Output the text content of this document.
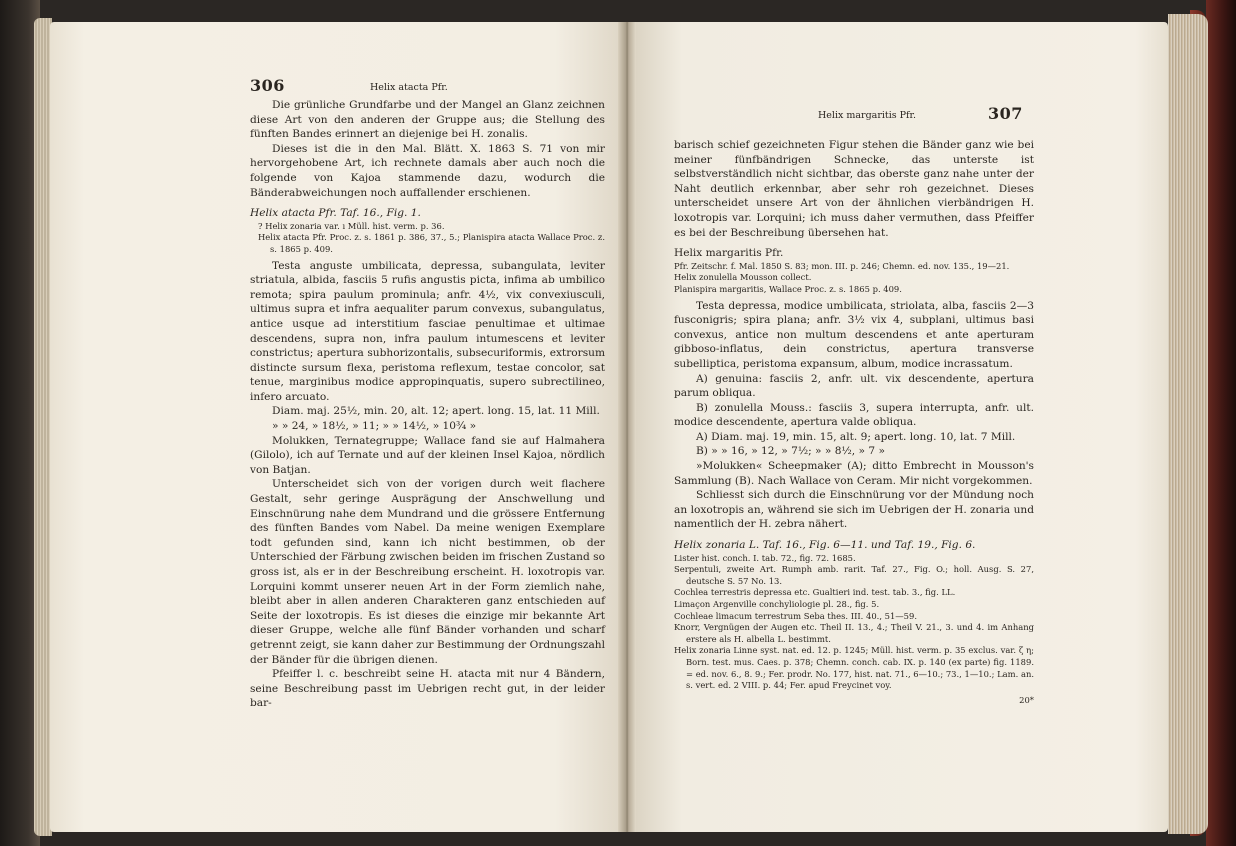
306	Helix atacta Pfr.

Die grünliche Grundfarbe und der Mangel an Glanz zeichnen diese Art von den anderen der Gruppe aus; die Stellung des fünften Bandes erinnert an diejenige bei H. zonalis.

Dieses ist die in den Mal. Blätt. X. 1863 S. 71 von mir hervorgehobene Art, ich rechnete damals aber auch noch die folgende von Kajoa stammende dazu, wodurch die Bänderabweichungen noch auffallender erschienen.

Helix atacta Pfr. Taf. 16., Fig. 1.

? Helix zonaria var. ı Müll. hist. verm. p. 36.

Helix atacta Pfr. Proc. z. s. 1861 p. 386, 37., 5.; Planispira atacta Wallace Proc. z. s. 1865 p. 409.

Testa anguste umbilicata, depressa, subangulata, leviter striatula, albida, fasciis 5 rufis angustis picta, infima ab umbilico remota; spira paulum prominula; anfr. 4½, vix convexiusculi, ultimus supra et infra aequaliter parum convexus, subangulatus, antice usque ad interstitium fasciae penultimae et ultimae descendens, supra non, infra paulum intumescens et leviter constrictus; apertura subhorizontalis, subsecuriformis, extrorsum distincte sursum flexa, peristoma reflexum, testae concolor, sat tenue, marginibus modice appropinquatis, supero subrectilineo, infero arcuato.

Diam. maj. 25½, min. 20, alt. 12; apert. long. 15, lat. 11 Mill.
» » 24, » 18½, » 11; » » 14½, » 10¾ »

Molukken, Ternategruppe; Wallace fand sie auf Halmahera (Gilolo), ich auf Ternate und auf der kleinen Insel Kajoa, nördlich von Batjan.

Unterscheidet sich von der vorigen durch weit flachere Gestalt, sehr geringe Ausprägung der Anschwellung und Einschnürung nahe dem Mundrand und die grössere Entfernung des fünften Bandes vom Nabel. Da meine wenigen Exemplare todt gefunden sind, kann ich nicht bestimmen, ob der Unterschied der Färbung zwischen beiden im frischen Zustand so gross ist, als er in der Beschreibung erscheint. H. loxotropis var. Lorquini kommt unserer neuen Art in der Form ziemlich nahe, bleibt aber in allen anderen Charakteren ganz entschieden auf Seite der loxotropis. Es ist dieses die einzige mir bekannte Art dieser Gruppe, welche alle fünf Bänder vorhanden und scharf getrennt zeigt, sie kann daher zur Bestimmung der Ordnungszahl der Bänder für die übrigen dienen.

Pfeiffer l. c. beschreibt seine H. atacta mit nur 4 Bändern, seine Beschreibung passt im Uebrigen recht gut, in der leider bar-

Helix margaritis Pfr.	307

barisch schief gezeichneten Figur stehen die Bänder ganz wie bei meiner fünfbändrigen Schnecke, das unterste ist selbstverständlich nicht sichtbar, das oberste ganz nahe unter der Naht deutlich erkennbar, aber sehr roh gezeichnet. Dieses unterscheidet unsere Art von der ähnlichen vierbändrigen H. loxotropis var. Lorquini; ich muss daher vermuthen, dass Pfeiffer es bei der Beschreibung übersehen hat.

Helix margaritis Pfr.

Pfr. Zeitschr. f. Mal. 1850 S. 83; mon. III. p. 246; Chemn. ed. nov. 135., 19—21.

Helix zonulella Mousson collect.

Planispira margaritis, Wallace Proc. z. s. 1865 p. 409.

Testa depressa, modice umbilicata, striolata, alba, fasciis 2—3 fusconigris; spira plana; anfr. 3½ vix 4, subplani, ultimus basi convexus, antice non multum descendens et ante aperturam gibboso-inflatus, dein constrictus, apertura transverse subelliptica, peristoma expansum, album, modice incrassatum.

A) genuina: fasciis 2, anfr. ult. vix descendente, apertura parum obliqua.

B) zonulella Mouss.: fasciis 3, supera interrupta, anfr. ult. modice descendente, apertura valde obliqua.

A) Diam. maj. 19, min. 15, alt. 9; apert. long. 10, lat. 7 Mill.
B) » » 16, » 12, » 7½; » » 8½, » 7 »

»Molukken« Scheepmaker (A); ditto Embrecht in Mousson's Sammlung (B). Nach Wallace von Ceram. Mir nicht vorgekommen.

Schliesst sich durch die Einschnürung vor der Mündung noch an loxotropis an, während sie sich im Uebrigen der H. zonaria und namentlich der H. zebra nähert.

Helix zonaria L. Taf. 16., Fig. 6—11. und Taf. 19., Fig. 6.

Lister hist. conch. I. tab. 72., fig. 72. 1685.

Serpentuli, zweite Art. Rumph amb. rarit. Taf. 27., Fig. O.; holl. Ausg. S. 27, deutsche S. 57 No. 13.

Cochlea terrestris depressa etc. Gualtieri ind. test. tab. 3., fig. LL.

Limaçon Argenville conchyliologie pl. 28., fig. 5.

Cochleae limacum terrestrum Seba thes. III. 40., 51—59.

Knorr, Vergnügen der Augen etc. Theil II. 13., 4.; Theil V. 21., 3. und 4. im Anhang erstere als H. albella L. bestimmt.

Helix zonaria Linne syst. nat. ed. 12. p. 1245; Müll. hist. verm. p. 35 exclus. var. ζ η; Born. test. mus. Caes. p. 378; Chemn. conch. cab. IX. p. 140 (ex parte) fig. 1189. = ed. nov. 6., 8. 9.; Fer. prodr. No. 177, hist. nat. 71., 6—10.; 73., 1—10.; Lam. an. s. vert. ed. 2 VIII. p. 44; Fer. apud Freycinet voy.

20*
